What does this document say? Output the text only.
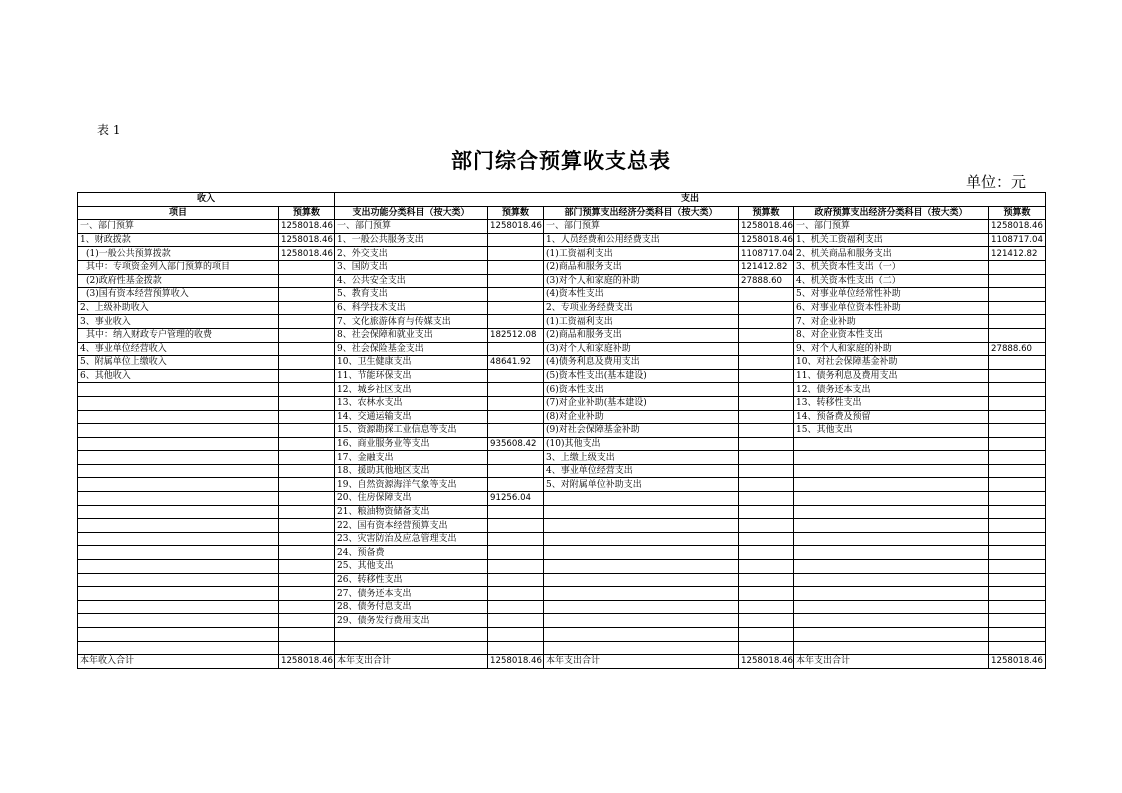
表 1
部门综合预算收支总表
单位：元
收入		支出					
项目	预算数	支出功能分类科目（按大类）	预算数	部门预算支出经济分类科目（按大类）	预算数	政府预算支出经济分类科目（按大类）	预算数
一、部门预算	1258018.46	一、部门预算	1258018.46	一、部门预算	1258018.46	一、部门预算	1258018.46
1、财政拨款	1258018.46	1、一般公共服务支出		1、人员经费和公用经费支出	1258018.46	1、机关工资福利支出	1108717.04
(1)一般公共预算拨款	1258018.46	2、外交支出		(1)工资福利支出	1108717.04	2、机关商品和服务支出	121412.82
其中：专项资金列入部门预算的项目		3、国防支出		(2)商品和服务支出	121412.82	3、机关资本性支出（一）	
(2)政府性基金拨款		4、公共安全支出		(3)对个人和家庭的补助	27888.60	4、机关资本性支出（二）	
(3)国有资本经营预算收入		5、教育支出		(4)资本性支出		5、对事业单位经常性补助	
2、上级补助收入		6、科学技术支出		2、专项业务经费支出		6、对事业单位资本性补助	
3、事业收入		7、文化旅游体育与传媒支出		(1)工资福利支出		7、对企业补助	
其中：纳入财政专户管理的收费		8、社会保障和就业支出	182512.08	(2)商品和服务支出		8、对企业资本性支出	
4、事业单位经营收入		9、社会保险基金支出		(3)对个人和家庭补助		9、对个人和家庭的补助	27888.60
5、附属单位上缴收入		10、卫生健康支出	48641.92	(4)债务利息及费用支出		10、对社会保障基金补助	
6、其他收入		11、节能环保支出		(5)资本性支出(基本建设)		11、债务利息及费用支出	
		12、城乡社区支出		(6)资本性支出		12、债务还本支出	
		13、农林水支出		(7)对企业补助(基本建设)		13、转移性支出	
		14、交通运输支出		(8)对企业补助		14、预备费及预留	
		15、资源勘探工业信息等支出		(9)对社会保障基金补助		15、其他支出	
		16、商业服务业等支出	935608.42	(10)其他支出			
		17、金融支出		3、上缴上级支出			
		18、援助其他地区支出		4、事业单位经营支出			
		19、自然资源海洋气象等支出		5、对附属单位补助支出			
		20、住房保障支出	91256.04				
		21、粮油物资储备支出					
		22、国有资本经营预算支出					
		23、灾害防治及应急管理支出					
		24、预备费					
		25、其他支出					
		26、转移性支出					
		27、债务还本支出					
		28、债务付息支出					
		29、债务发行费用支出					

本年收入合计	1258018.46	本年支出合计	1258018.46	本年支出合计	1258018.46	本年支出合计	1258018.46
